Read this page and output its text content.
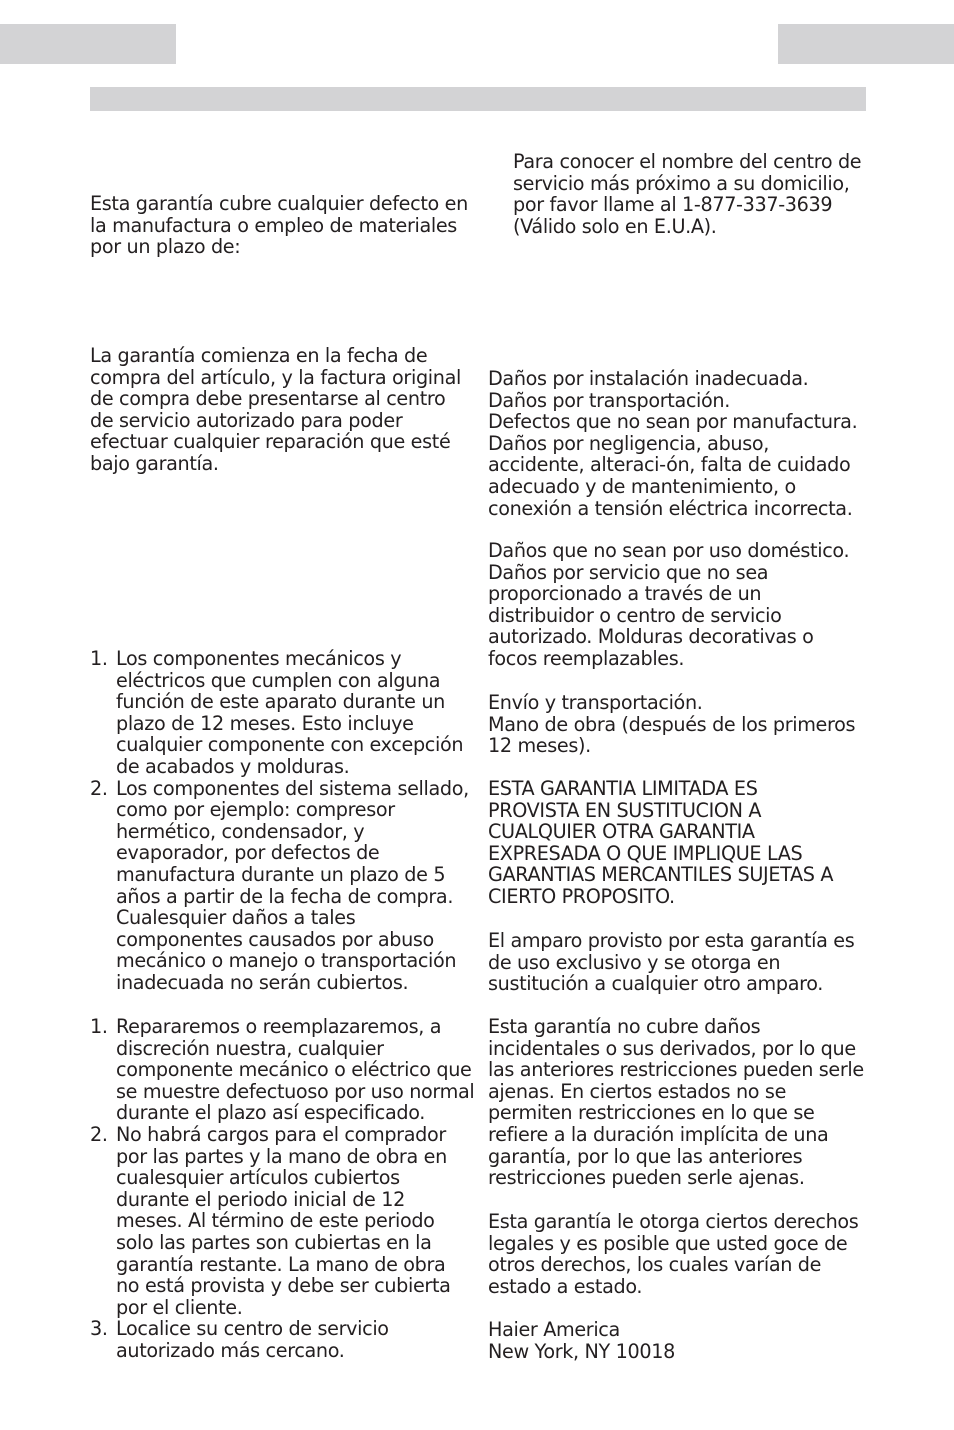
Esta garantía cubre cualquier defecto en
la manufactura o empleo de materiales
por un plazo de:

La garantía comienza en la fecha de
compra del artículo, y la factura original
de compra debe presentarse al centro
de servicio autorizado para poder
efectuar cualquier reparación que esté
bajo garantía.

1. Los componentes mecánicos y
eléctricos que cumplen con alguna
función de este aparato durante un
plazo de 12 meses. Esto incluye
cualquier componente con excepción
de acabados y molduras.
2. Los componentes del sistema sellado,
como por ejemplo: compresor
hermético, condensador, y
evaporador, por defectos de
manufactura durante un plazo de 5
años a partir de la fecha de compra.
Cualesquier daños a tales
componentes causados por abuso
mecánico o manejo o transportación
inadecuada no serán cubiertos.
1. Repararemos o reemplazaremos, a
discreción nuestra, cualquier
componente mecánico o eléctrico que
se muestre defectuoso por uso normal
durante el plazo así especificado.
2. No habrá cargos para el comprador
por las partes y la mano de obra en
cualesquier artículos cubiertos
durante el periodo inicial de 12
meses. Al término de este periodo
solo las partes son cubiertas en la
garantía restante. La mano de obra
no está provista y debe ser cubierta
por el cliente.
3. Localice su centro de servicio
autorizado más cercano.

Para conocer el nombre del centro de
servicio más próximo a su domicilio,
por favor llame al 1-877-337-3639
(Válido solo en E.U.A).

Daños por instalación inadecuada.
Daños por transportación.
Defectos que no sean por manufactura.
Daños por negligencia, abuso,
accidente, alteraci-ón, falta de cuidado
adecuado y de mantenimiento, o
conexión a tensión eléctrica incorrecta.

Daños que no sean por uso doméstico.
Daños por servicio que no sea
proporcionado a través de un
distribuidor o centro de servicio
autorizado. Molduras decorativas o
focos reemplazables.

Envío y transportación.
Mano de obra (después de los primeros
12 meses).

ESTA GARANTIA LIMITADA ES
PROVISTA EN SUSTITUCION A
CUALQUIER OTRA GARANTIA
EXPRESADA O QUE IMPLIQUE LAS
GARANTIAS MERCANTILES SUJETAS A
CIERTO PROPOSITO.

El amparo provisto por esta garantía es
de uso exclusivo y se otorga en
sustitución a cualquier otro amparo.

Esta garantía no cubre daños
incidentales o sus derivados, por lo que
las anteriores restricciones pueden serle
ajenas. En ciertos estados no se
permiten restricciones en lo que se
refiere a la duración implícita de una
garantía, por lo que las anteriores
restricciones pueden serle ajenas.

Esta garantía le otorga ciertos derechos
legales y es posible que usted goce de
otros derechos, los cuales varían de
estado a estado.

Haier America
New York, NY 10018
